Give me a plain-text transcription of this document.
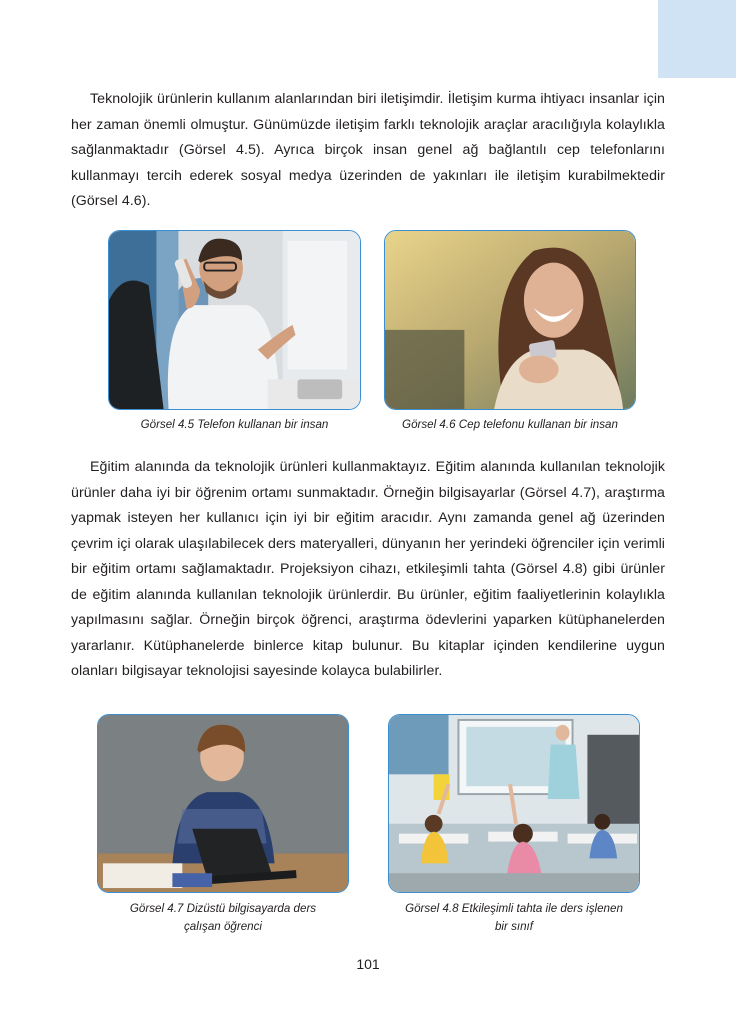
Teknolojik ürünlerin kullanım alanlarından biri iletişimdir. İletişim kurma ihtiyacı insanlar için her zaman önemli olmuştur. Günümüzde iletişim farklı teknolojik araçlar aracılığıyla kolaylıkla sağlanmaktadır (Görsel 4.5). Ayrıca birçok insan genel ağ bağlantılı cep telefonlarını kullanmayı tercih ederek sosyal medya üzerinden de yakınları ile iletişim kurabilmektedir (Görsel 4.6).

Görsel 4.5 Telefon kullanan bir insan	Görsel 4.6 Cep telefonu kullanan bir insan

Eğitim alanında da teknolojik ürünleri kullanmaktayız. Eğitim alanında kullanılan teknolojik ürünler daha iyi bir öğrenim ortamı sunmaktadır. Örneğin bilgisayarlar (Görsel 4.7), araştırma yapmak isteyen her kullanıcı için iyi bir eğitim aracıdır. Aynı zamanda genel ağ üzerinden çevrim içi olarak ulaşılabilecek ders materyalleri, dünyanın her yerindeki öğrenciler için verimli bir eğitim ortamı sağlamaktadır. Projeksiyon cihazı, etkileşimli tahta (Görsel 4.8) gibi ürünler de eğitim alanında kullanılan teknolojik ürünlerdir. Bu ürünler, eğitim faaliyetlerinin kolaylıkla yapılmasını sağlar. Örneğin birçok öğrenci, araştırma ödevlerini yaparken kütüphanelerden yararlanır. Kütüphanelerde binlerce kitap bulunur. Bu kitaplar içinden kendilerine uygun olanları bilgisayar teknolojisi sayesinde kolayca bulabilirler.

Görsel 4.7 Dizüstü bilgisayarda ders
çalışan öğrenci
Görsel 4.8 Etkileşimli tahta ile ders işlenen
bir sınıf
101
